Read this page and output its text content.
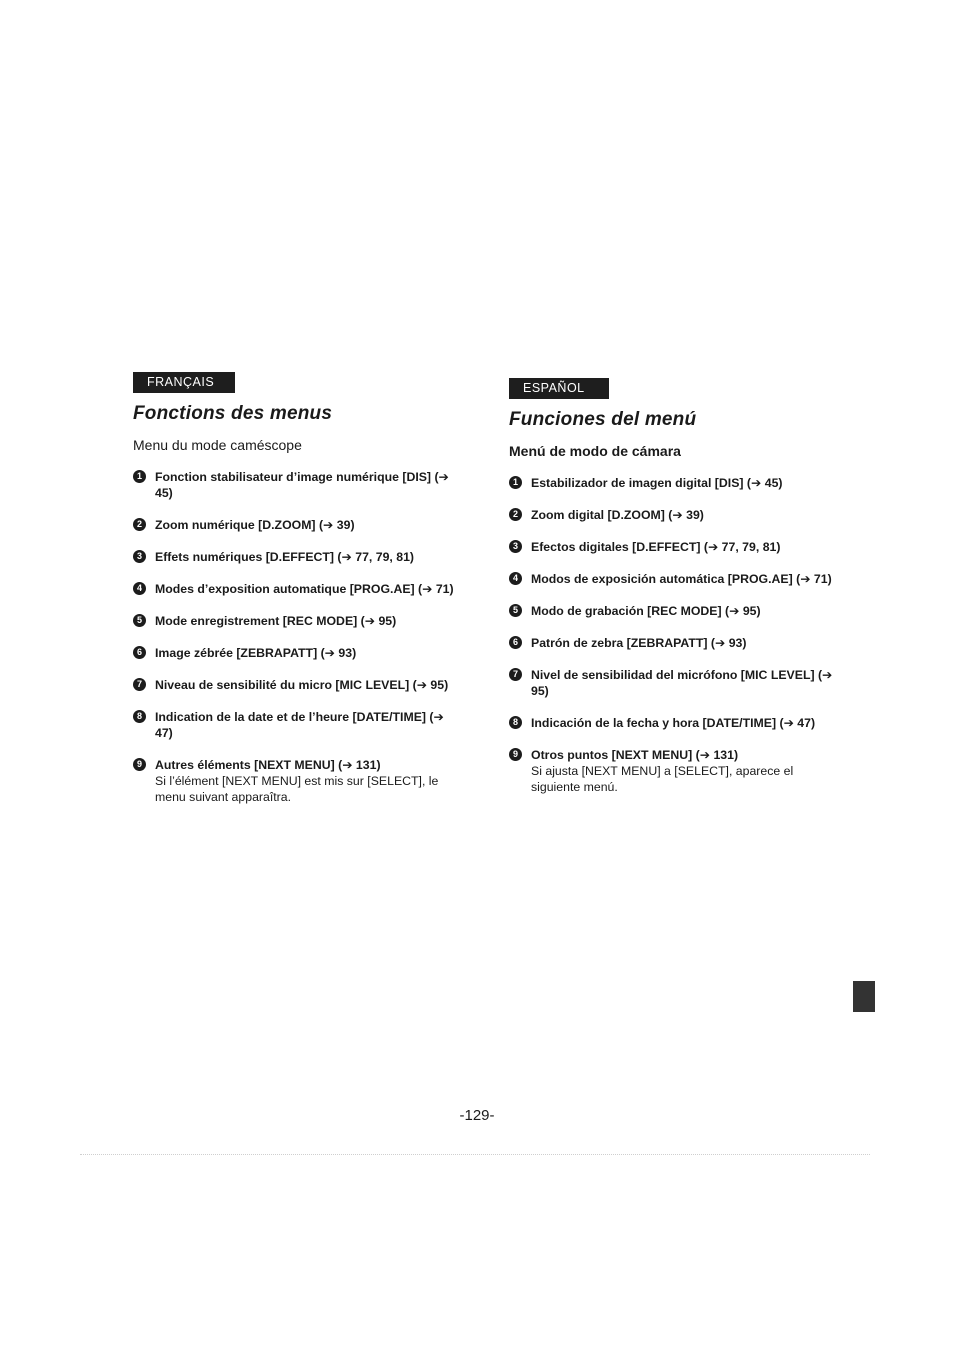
FRANÇAIS
Fonctions des menus
Menu du mode caméscope
1	Fonction stabilisateur d’image numérique [DIS] (➔ 45)
2	Zoom numérique [D.ZOOM] (➔ 39)
3	Effets numériques [D.EFFECT] (➔ 77, 79, 81)
4	Modes d’exposition automatique [PROG.AE] (➔ 71)
5	Mode enregistrement [REC MODE] (➔ 95)
6	Image zébrée [ZEBRAPATT] (➔ 93)
7	Niveau de sensibilité du micro [MIC LEVEL] (➔ 95)
8	Indication de la date et de l’heure [DATE/TIME] (➔ 47)
9	Autres éléments [NEXT MENU] (➔ 131)
Si l’élément [NEXT MENU] est mis sur [SELECT], le menu suivant apparaîtra.
ESPAÑOL
Funciones del menú
Menú de modo de cámara
1	Estabilizador de imagen digital [DIS] (➔ 45)
2	Zoom digital [D.ZOOM] (➔ 39)
3	Efectos digitales [D.EFFECT] (➔ 77, 79, 81)
4	Modos de exposición automática [PROG.AE] (➔ 71)
5	Modo de grabación [REC MODE] (➔ 95)
6	Patrón de zebra [ZEBRAPATT] (➔ 93)
7	Nivel de sensibilidad del micrófono [MIC LEVEL] (➔ 95)
8	Indicación de la fecha y hora [DATE/TIME] (➔ 47)
9	Otros puntos [NEXT MENU] (➔ 131)
Si ajusta [NEXT MENU] a [SELECT], aparece el siguiente menú.
-129-
